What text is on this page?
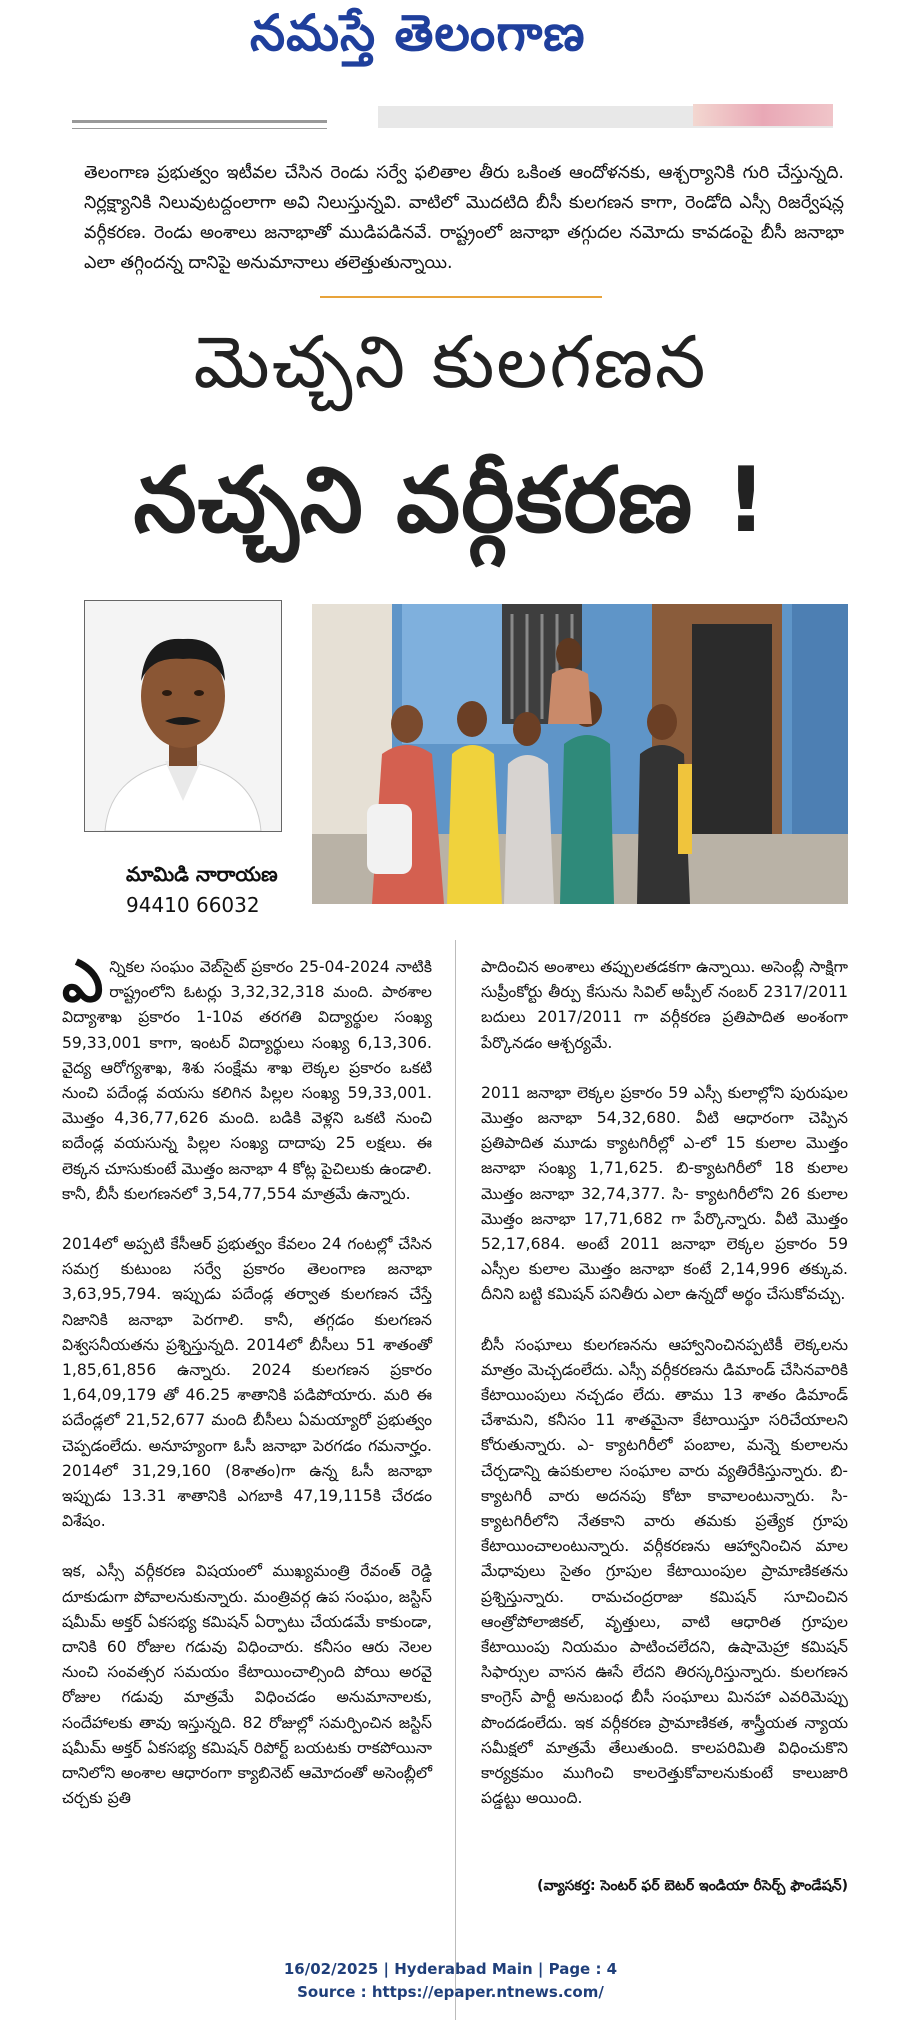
నమస్తే తెలంగాణ
తెలంగాణ ప్రభుత్వం ఇటీవల చేసిన రెండు సర్వే ఫలితాల తీరు ఒకింత ఆందోళనకు, ఆశ్చర్యానికి గురి చేస్తున్నది. నిర్లక్ష్యానికి నిలువుటద్దంలాగా అవి నిలుస్తున్నవి. వాటిలో మొదటిది బీసీ కులగణన కాగా, రెండోది ఎస్సీ రిజర్వేషన్ల వర్గీకరణ. రెండు అంశాలు జనాభాతో ముడిపడినవే. రాష్ట్రంలో జనాభా తగ్గుదల నమోదు కావడంపై బీసీ జనాభా ఎలా తగ్గిందన్న దానిపై అనుమానాలు తలెత్తుతున్నాయి.
మెచ్చని కులగణన
నచ్చని వర్గీకరణ !
మామిడి నారాయణ
94410 66032

ఎన్నికల సంఘం వెబ్‌సైట్ ప్రకారం 25-04-2024 నాటికి రాష్ట్రంలోని ఓటర్లు 3,32,32,318 మంది. పాఠశాల విద్యాశాఖ ప్రకారం 1-10వ తరగతి విద్యార్థుల సంఖ్య 59,33,001 కాగా, ఇంటర్ విద్యార్థులు సంఖ్య 6,13,306. వైద్య ఆరోగ్యశాఖ, శిశు సంక్షేమ శాఖ లెక్కల ప్రకారం ఒకటి నుంచి పదేండ్ల వయసు కలిగిన పిల్లల సంఖ్య 59,33,001. మొత్తం 4,36,77,626 మంది. బడికి వెళ్లని ఒకటి నుంచి ఐదేండ్ల వయసున్న పిల్లల సంఖ్య దాదాపు 25 లక్షలు. ఈ లెక్కన చూసుకుంటే మొత్తం జనాభా 4 కోట్ల పైచిలుకు ఉండాలి. కానీ, బీసీ కులగణనలో 3,54,77,554 మాత్రమే ఉన్నారు.

2014లో అప్పటి కేసీఆర్ ప్రభుత్వం కేవలం 24 గంటల్లో చేసిన సమగ్ర కుటుంబ సర్వే ప్రకారం తెలంగాణ జనాభా 3,63,95,794. ఇప్పుడు పదేండ్ల తర్వాత కులగణన చేస్తే నిజానికి జనాభా పెరగాలి. కానీ, తగ్గడం కులగణన విశ్వసనీయతను ప్రశ్నిస్తున్నది. 2014లో బీసీలు 51 శాతంతో 1,85,61,856 ఉన్నారు. 2024 కులగణన ప్రకారం 1,64,09,179 తో 46.25 శాతానికి పడిపోయారు. మరి ఈ పదేండ్లలో 21,52,677 మంది బీసీలు ఏమయ్యారో ప్రభుత్వం చెప్పడంలేదు. అనూహ్యంగా ఓసీ జనాభా పెరగడం గమనార్హం. 2014లో 31,29,160 (8శాతం)గా ఉన్న ఓసీ జనాభా ఇప్పుడు 13.31 శాతానికి ఎగబాకి 47,19,115కి చేరడం విశేషం.

ఇక, ఎస్సీ వర్గీకరణ విషయంలో ముఖ్యమంత్రి రేవంత్ రెడ్డి దూకుడుగా పోవాలనుకున్నారు. మంత్రివర్గ ఉప సంఘం, జస్టిస్ షమీమ్ అక్తర్ ఏకసభ్య కమిషన్ ఏర్పాటు చేయడమే కాకుండా, దానికి 60 రోజుల గడువు విధించారు. కనీసం ఆరు నెలల నుంచి సంవత్సర సమయం కేటాయించాల్సింది పోయి అరవై రోజుల గడువు మాత్రమే విధించడం అనుమానాలకు, సందేహాలకు తావు ఇస్తున్నది. 82 రోజుల్లో సమర్పించిన జస్టిస్ షమీమ్ అక్తర్ ఏకసభ్య కమిషన్ రిపోర్ట్ బయటకు రాకపోయినా దానిలోని అంశాల ఆధారంగా క్యాబినెట్ ఆమోదంతో అసెంబ్లీలో చర్చకు ప్రతి

పాదించిన అంశాలు తప్పులతడకగా ఉన్నాయి. అసెంబ్లీ సాక్షిగా సుప్రీంకోర్టు తీర్పు కేసును సివిల్ అప్పీల్ నంబర్ 2317/2011 బదులు 2017/2011 గా వర్గీకరణ ప్రతిపాదిత అంశంగా పేర్కొనడం ఆశ్చర్యమే.

2011 జనాభా లెక్కల ప్రకారం 59 ఎస్సీ కులాల్లోని పురుషుల మొత్తం జనాభా 54,32,680. వీటి ఆధారంగా చెప్పిన ప్రతిపాదిత మూడు క్యాటగిరీల్లో ఎ-లో 15 కులాల మొత్తం జనాభా సంఖ్య 1,71,625. బి-క్యాటగిరీలో 18 కులాల మొత్తం జనాభా 32,74,377. సి- క్యాటగిరీలోని 26 కులాల మొత్తం జనాభా 17,71,682 గా పేర్కొన్నారు. వీటి మొత్తం 52,17,684. అంటే 2011 జనాభా లెక్కల ప్రకారం 59 ఎస్సీల కులాల మొత్తం జనాభా కంటే 2,14,996 తక్కువ. దీనిని బట్టి కమిషన్ పనితీరు ఎలా ఉన్నదో అర్థం చేసుకోవచ్చు.

బీసీ సంఘాలు కులగణనను ఆహ్వానించినప్పటికీ లెక్కలను మాత్రం మెచ్చడంలేదు. ఎస్సీ వర్గీకరణను డిమాండ్ చేసినవారికి కేటాయింపులు నచ్చడం లేదు. తాము 13 శాతం డిమాండ్ చేశామని, కనీసం 11 శాతమైనా కేటాయిస్తూ సరిచేయాలని కోరుతున్నారు. ఎ- క్యాటగిరీలో పంబాల, మన్నె కులాలను చేర్చడాన్ని ఉపకులాల సంఘాల వారు వ్యతిరేకిస్తున్నారు. బి-క్యాటగిరీ వారు అదనపు కోటా కావాలంటున్నారు. సి- క్యాటగిరీలోని నేతకాని వారు తమకు ప్రత్యేక గ్రూపు కేటాయించాలంటున్నారు. వర్గీకరణను ఆహ్వానించిన మాల మేధావులు సైతం గ్రూపుల కేటాయింపుల ప్రామాణికతను ప్రశ్నిస్తున్నారు. రామచంద్రరాజు కమిషన్ సూచించిన ఆంత్రోపోలాజికల్, వృత్తులు, వాటి ఆధారిత గ్రూపుల కేటాయింపు నియమం పాటించలేదని, ఉషామెహ్రా కమిషన్ సిఫార్సుల వాసన ఊసే లేదని తిరస్కరిస్తున్నారు. కులగణన కాంగ్రెస్ పార్టీ అనుబంధ బీసీ సంఘాలు మినహా ఎవరిమెప్పు పొందడంలేదు. ఇక వర్గీకరణ ప్రామాణికత, శాస్త్రీయత న్యాయ సమీక్షలో మాత్రమే తేలుతుంది. కాలపరిమితి విధించుకొని కార్యక్రమం ముగించి కాలరెత్తుకోవాలనుకుంటే కాలుజారి పడ్డట్టు అయింది.

(వ్యాసకర్త: సెంటర్ ఫర్ బెటర్ ఇండియా రీసెర్చ్ ఫౌండేషన్)
16/02/2025 | Hyderabad Main | Page : 4
Source : https://epaper.ntnews.com/
